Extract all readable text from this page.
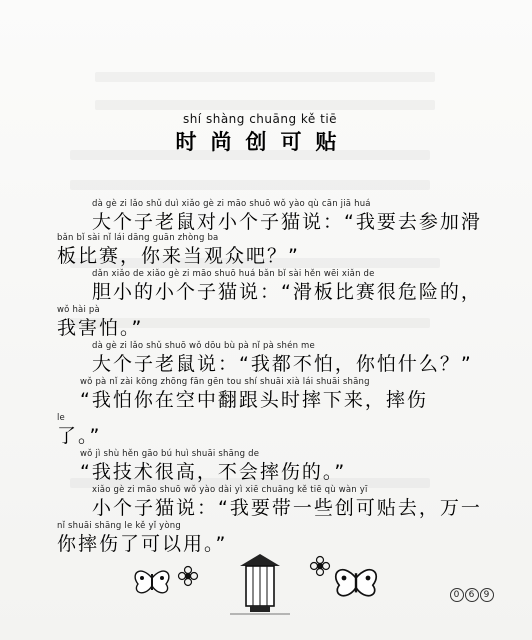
shí shàng chuāng kě tiē
时尚创可贴
dà gè zi lǎo shǔ duì xiǎo gè zi māo shuō wǒ yào qù cān jiā huá
大个子老鼠对小个子猫说：“我要去参加滑
bǎn bǐ sài nǐ lái dāng guān zhòng ba
板比赛，你来当观众吧？”
dǎn xiǎo de xiǎo gè zi māo shuō huá bǎn bǐ sài hěn wēi xiǎn de
胆小的小个子猫说：“滑板比赛很危险的，
wǒ hài pà
我害怕。”
dà gè zi lǎo shǔ shuō wǒ dōu bù pà nǐ pà shén me
大个子老鼠说：“我都不怕，你怕什么？”
wǒ pà nǐ zài kōng zhōng fān gēn tou shí shuāi xià lái shuāi shāng
“我怕你在空中翻跟头时摔下来，摔伤
le
了。”
wǒ jì shù hěn gāo bú huì shuāi shāng de
“我技术很高，不会摔伤的。”
xiǎo gè zi māo shuō wǒ yào dài yì xiē chuāng kě tiē qù wàn yī
小个子猫说：“我要带一些创可贴去，万一
nǐ shuāi shāng le kě yǐ yòng
你摔伤了可以用。”
0 6 9
